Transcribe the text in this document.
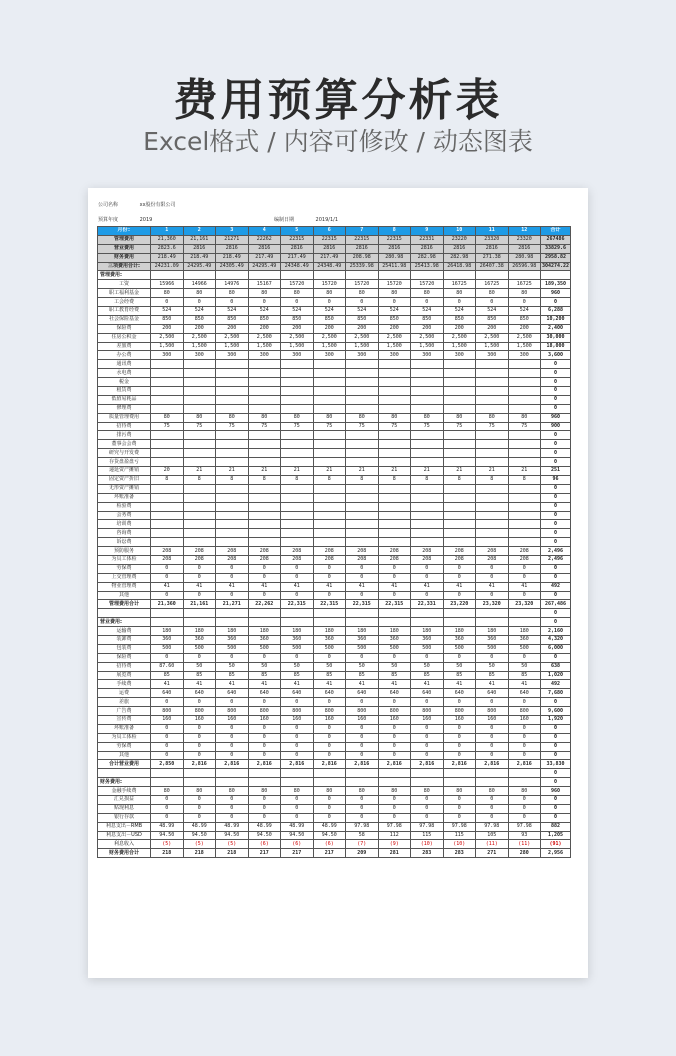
费用预算分析表
Excel格式 / 内容可修改 / 动态图表
公司名称	xx股份有限公司
预算年度	2019	编制日期	2019/1/1
月份:	1	2	3	4	5	6	7	8	9	10	11	12	合计
管理费用	21,360	21,161	21271	22262	22315	22315	22315	22315	22331	23220	23320	23320	267486
营业费用	2823.6	2816	2816	2816	2816	2816	2816	2816	2816	2816	2816	2816	33829.6
财务费用	218.49	218.49	218.49	217.49	217.49	217.49	208.98	280.98	282.98	282.98	271.38	280.98	2958.82
三项费用合计:	24231.09	24295.49	24305.49	24295.49	24348.49	24348.49	25339.98	25411.98	25413.98	26418.98	26407.38	26596.98	304274.22
管理费用:													
工资	15966	14966	14976	15167	15720	15720	15720	15720	15720	16725	16725	16725	189,350
职工福利基金	80	80	80	80	80	80	80	80	80	80	80	80	960
工会经费	0	0	0	0	0	0	0	0	0	0	0	0	0
职工教育经费	524	524	524	524	524	524	524	524	524	524	524	524	6,288
社会保险基金	850	850	850	850	850	850	850	850	850	850	850	850	10,200
保险费	200	200	200	200	200	200	200	200	200	200	200	200	2,400
住房公积金	2,500	2,500	2,500	2,500	2,500	2,500	2,500	2,500	2,500	2,500	2,500	2,500	30,000
差旅费	1,500	1,500	1,500	1,500	1,500	1,500	1,500	1,500	1,500	1,500	1,500	1,500	18,000
办公费	300	300	300	300	300	300	300	300	300	300	300	300	3,600
通讯费													0
水电费													0
税金													0
租赁费													0
低值易耗品													0
修理费													0
质量管理费用	80	80	80	80	80	80	80	80	80	80	80	80	960
招待费	75	75	75	75	75	75	75	75	75	75	75	75	900
排污费													0
董事会会费													0
研究与开发费													0
存货盘盈盘亏													0
递延资产摊销	20	21	21	21	21	21	21	21	21	21	21	21	251
固定资产折旧	8	8	8	8	8	8	8	8	8	8	8	8	96
无形资产摊销													0
坏账准备													0
检验费													0
会务费													0
培训费													0
咨询费													0
诉讼费													0
预防服务	208	208	208	208	208	208	208	208	208	208	208	208	2,496
为员工体检	208	208	208	208	208	208	208	208	208	208	208	208	2,496
劳保费	0	0	0	0	0	0	0	0	0	0	0	0	0
上交管理费	0	0	0	0	0	0	0	0	0	0	0	0	0
物业管理费	41	41	41	41	41	41	41	41	41	41	41	41	492
其他	0	0	0	0	0	0	0	0	0	0	0	0	0
管理费用合计	21,360	21,161	21,271	22,262	22,315	22,315	22,315	22,315	22,331	23,220	23,320	23,320	267,486
													0
营业费用:													0
运输费	180	180	180	180	180	180	180	180	180	180	180	180	2,160
装卸费	360	360	360	360	360	360	360	360	360	360	360	360	4,320
包装费	500	500	500	500	500	500	500	500	500	500	500	500	6,000
保险费	0	0	0	0	0	0	0	0	0	0	0	0	0
招待费	87.60	50	50	50	50	50	50	50	50	50	50	50	638
展览费	85	85	85	85	85	85	85	85	85	85	85	85	1,020
手续费	41	41	41	41	41	41	41	41	41	41	41	41	492
运费	640	640	640	640	640	640	640	640	640	640	640	640	7,680
差旅	0	0	0	0	0	0	0	0	0	0	0	0	0
广告费	800	800	800	800	800	800	800	800	800	800	800	800	9,600
宣传费	160	160	160	160	160	160	160	160	160	160	160	160	1,920
坏账准备	0	0	0	0	0	0	0	0	0	0	0	0	0
为员工体检	0	0	0	0	0	0	0	0	0	0	0	0	0
劳保费	0	0	0	0	0	0	0	0	0	0	0	0	0
其他	0	0	0	0	0	0	0	0	0	0	0	0	0
合计营业费用	2,850	2,816	2,816	2,816	2,816	2,816	2,816	2,816	2,816	2,816	2,816	2,816	33,830
													0
财务费用:													0
金融手续费	80	80	80	80	80	80	80	80	80	80	80	80	960
汇兑损益	0	0	0	0	0	0	0	0	0	0	0	0	0
贴现利息	0	0	0	0	0	0	0	0	0	0	0	0	0
银行存款	0	0	0	0	0	0	0	0	0	0	0	0	0
利息支出－RMB	48.99	48.99	48.99	48.99	48.99	48.99	97.98	97.98	97.98	97.98	97.98	97.98	882
利息支出－USD	94.50	94.50	94.50	94.50	94.50	94.50	58	112	115	115	105	93	1,205
利息收入	(5)	(5)	(5)	(6)	(6)	(6)	(7)	(9)	(10)	(10)	(11)	(11)	(91)
财务费用合计	218	218	218	217	217	217	209	281	283	283	271	280	2,956
